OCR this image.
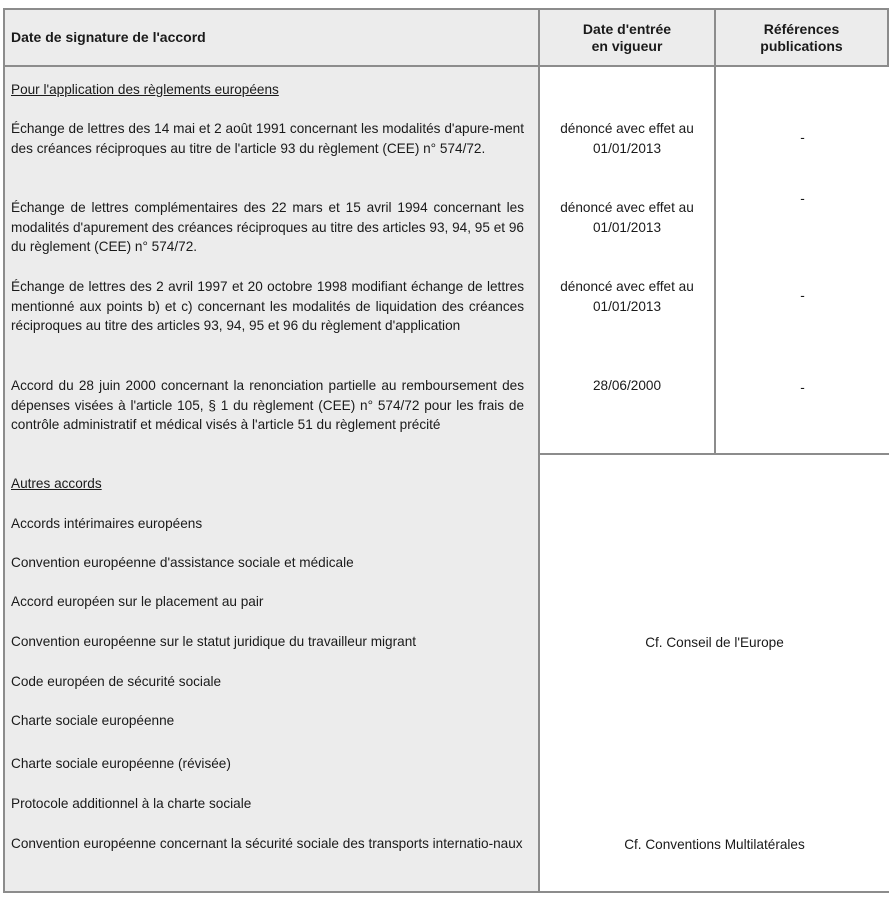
Date de signature de l'accord
Date d'entrée
en vigueur
Références
publications
Pour l'application des règlements européens
Échange de lettres des 14 mai et 2 août 1991 concernant les modalités d'apure-ment des créances réciproques au titre de l'article 93 du règlement (CEE) n° 574/72.
dénoncé avec effet au
01/01/2013
-
Échange de lettres complémentaires des 22 mars et 15 avril 1994 concernant les modalités d'apurement des créances réciproques au titre des articles 93, 94, 95 et 96 du règlement (CEE) n° 574/72.
dénoncé avec effet au
01/01/2013
-
Échange de lettres des 2 avril 1997 et 20 octobre 1998 modifiant échange de lettres mentionné aux points b) et c) concernant les modalités de liquidation des créances réciproques au titre des articles 93, 94, 95 et 96 du règlement d'application
dénoncé avec effet au
01/01/2013
-
Accord du 28 juin 2000 concernant la renonciation partielle au remboursement des dépenses visées à l'article 105, § 1 du règlement (CEE) n° 574/72 pour les frais de contrôle administratif et médical visés à l'article 51 du règlement précité
28/06/2000	-
Autres accords
Accords intérimaires européens
Convention européenne d'assistance sociale et médicale
Accord européen sur le placement au pair
Convention européenne sur le statut juridique du travailleur migrant
Code européen de sécurité sociale
Charte sociale européenne
Charte sociale européenne (révisée)
Protocole additionnel à la charte sociale
Convention européenne concernant la sécurité sociale des transports internatio-naux
Cf. Conseil de l'Europe
Cf. Conventions Multilatérales
